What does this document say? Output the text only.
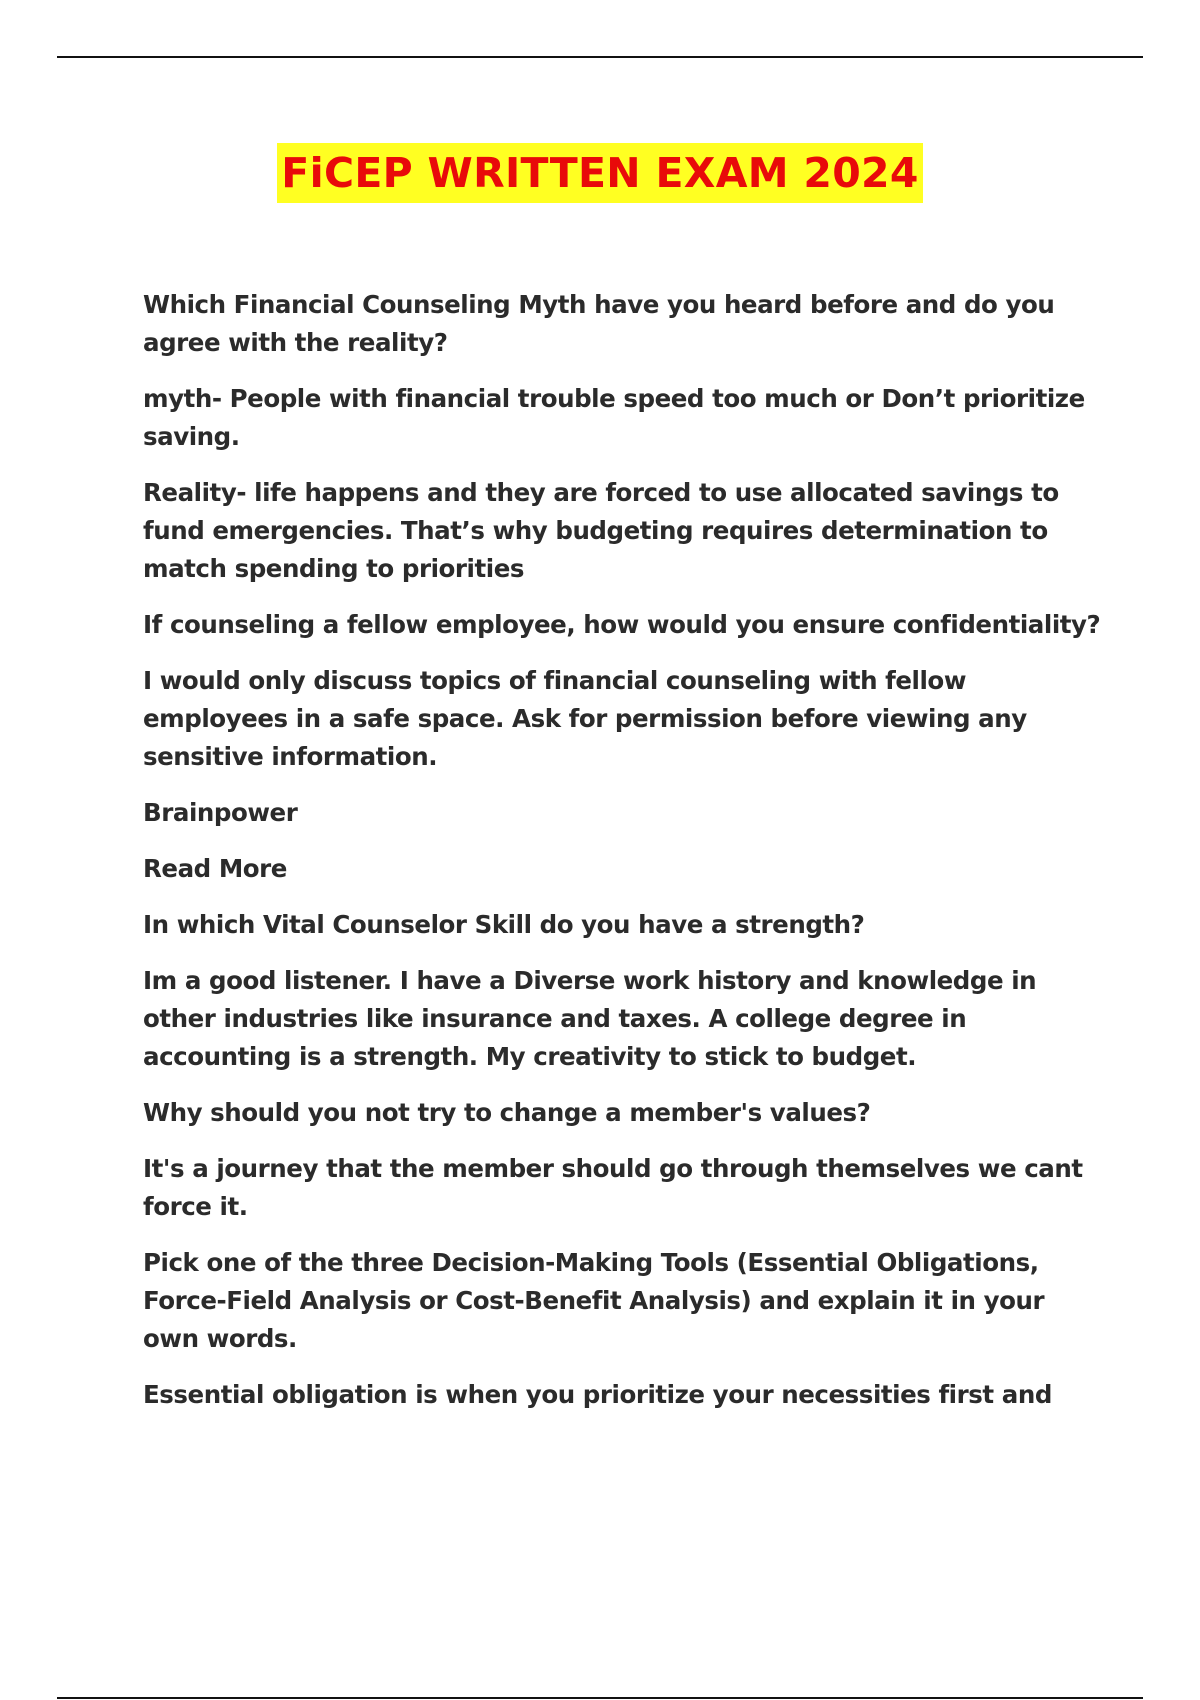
FiCEP WRITTEN EXAM 2024

Which Financial Counseling Myth have you heard before and do you agree with the reality?

myth- People with financial trouble speed too much or Don’t prioritize saving.

Reality- life happens and they are forced to use allocated savings to fund emergencies. That’s why budgeting requires determination to match spending to priorities

If counseling a fellow employee, how would you ensure confidentiality?

I would only discuss topics of financial counseling with fellow employees in a safe space. Ask for permission before viewing any sensitive information.

Brainpower

Read More

In which Vital Counselor Skill do you have a strength?

Im a good listener. I have a Diverse work history and knowledge in other industries like insurance and taxes. A college degree in accounting is a strength. My creativity to stick to budget.

Why should you not try to change a member's values?

It's a journey that the member should go through themselves we cant force it.

Pick one of the three Decision-Making Tools (Essential Obligations, Force-Field Analysis or Cost-Benefit Analysis) and explain it in your own words.

Essential obligation is when you prioritize your necessities first and
